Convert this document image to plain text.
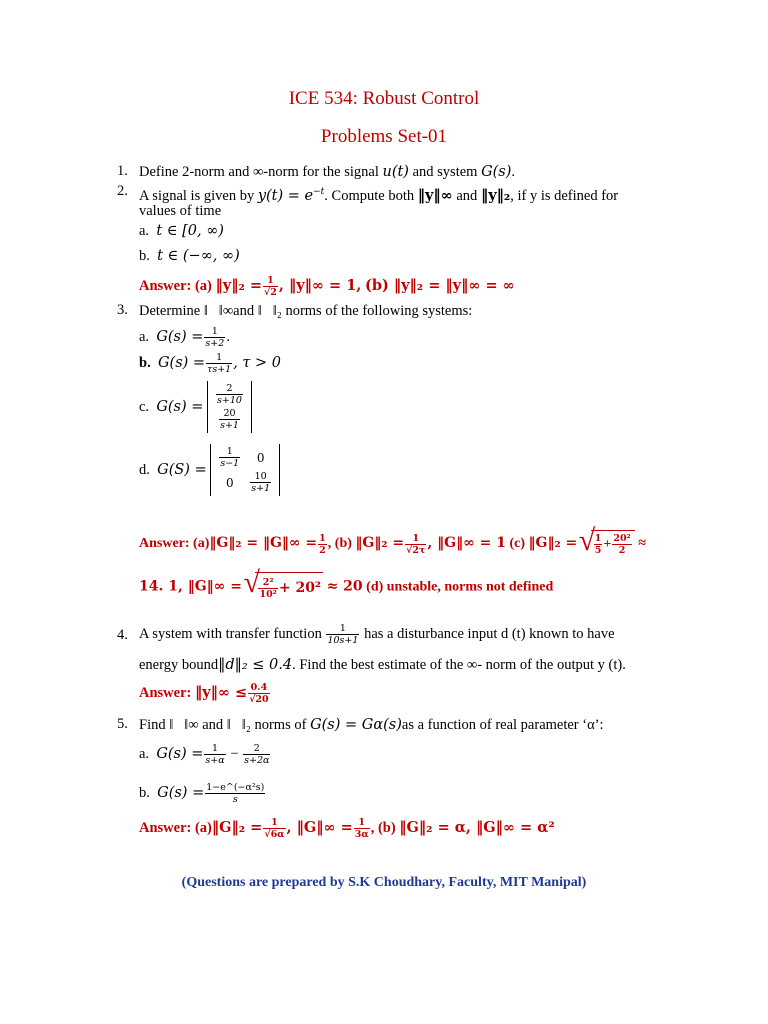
ICE 534: Robust Control
Problems Set-01
1. Define 2-norm and ∞-norm for the signal u(t) and system G(s).
2. A signal is given by $y(t) = e^{-t}$. Compute both ‖y‖∞ and ‖y‖₂, if y is defined for
values of time
a. t ∈ [0, ∞)
b. t ∈ (−∞, ∞)
Answer: (a) ‖y‖₂ = $\frac{1}{√2}$ , ‖y‖∞ = 1, (b) ‖y‖₂ = ‖y‖∞ = ∞
3. Determine ‖ ‖∞and ‖ ‖₂ norms of the following systems:
a. $G(s) = \frac{1}{s+2}$ .
b. $G(s) = \frac{1}{\tau s+1}$ , τ > 0
c. G(s) =
$\frac{2}{s+10}$

$\frac{20}{s+1}$
d. G(S) =
$\frac{1}{s-1}$	0
0	$\frac{10}{s+1}$
Answer: (a)‖G‖₂ = ‖G‖∞ = $\frac{1}{2}$ , (b) ‖G‖₂ = $\frac{1}{√2\tau}$ , ‖G‖∞ = 1 (c) ‖G‖₂ = √ $\frac{1}{5} + \frac{\text{20²}}{2}$ ≈
14. 1, ‖G‖∞ = √ $\frac{\text{2²}}{\text{10²}} + 20^2 \approx 20$ (d) unstable, norms not defined
4. A system with transfer function $\frac{1}{10s+1}$ has a disturbance input d (t) known to have
energy bound‖d‖₂ ≤ 0.4. Find the best estimate of the ∞- norm of the output y (t).
Answer: ‖y‖∞ ≤ $\frac{0.4}{√20}$
5. Find ‖ ‖∞ and ‖ ‖₂ norms of G(s) = Gα(s)as a function of real parameter ‘α’:
a. $G(s) = \frac{1}{s+\alpha} - \frac{2}{s+2\alpha}$
b. $G(s) = \frac{\text{1−e\textasciicircum{}(−α²s)}}{s}$
Answer: (a)‖G‖₂ = $\frac{1}{√6\alpha}$ , ‖G‖∞ = $\frac{1}{3\alpha}$ , (b) ‖G‖₂ = α, ‖G‖∞ = α²
(Questions are prepared by S.K Choudhary, Faculty, MIT Manipal)
